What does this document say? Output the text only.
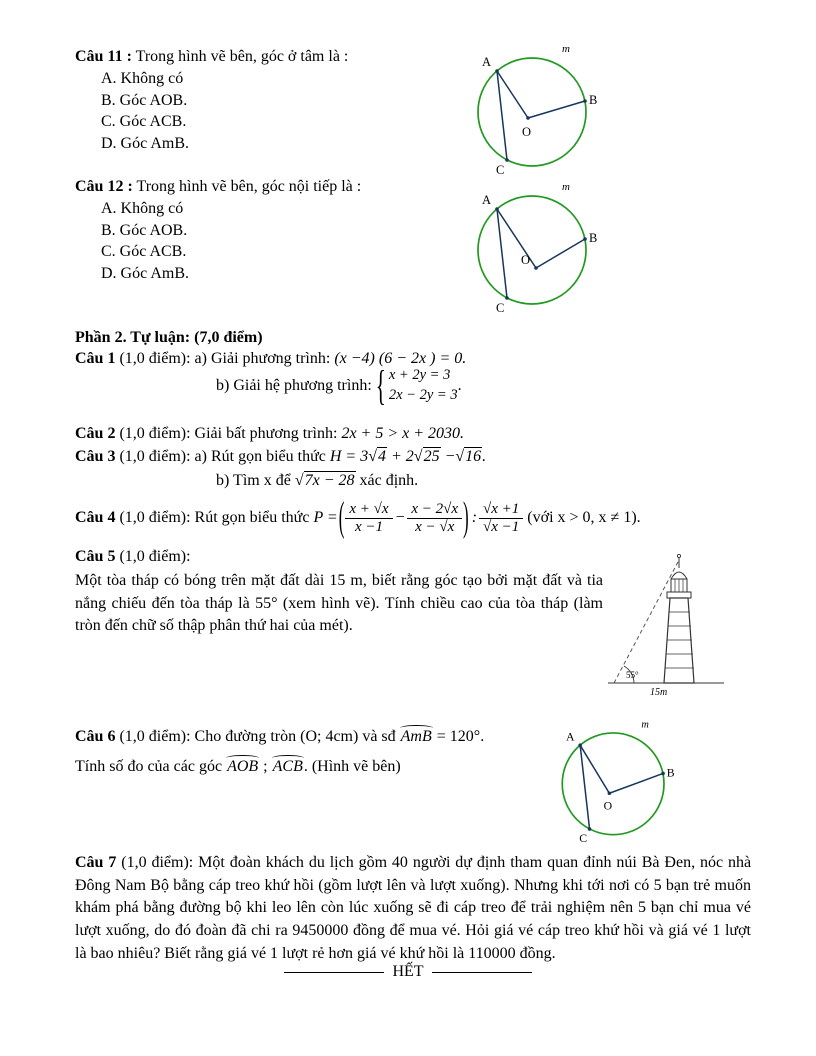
Câu 11 : Trong hình vẽ bên, góc ở tâm là :
A. Không có
B. Góc AOB.
C. Góc ACB.
D. Góc AmB.
m
A
B
C
O
Câu 12 : Trong hình vẽ bên, góc nội tiếp là :
A. Không có
B. Góc AOB.
C. Góc ACB.
D. Góc AmB.
m
A
B
C
O
Phần 2. Tự luận: (7,0 điểm)
Câu 1 (1,0 điểm): a) Giải phương trình: (x −4) (6 − 2x ) = 0.
b) Giải hệ phương trình:
{ x + 2y = 3
2x − 2y = 3
.
Câu 2 (1,0 điểm): Giải bất phương trình: 2x + 5 > x + 2030.
Câu 3 (1,0 điểm): a) Rút gọn biểu thức H = 3√4 + 2√25 −√16.
b) Tìm x để √7x − 28 xác định.
Câu 4
(1,0 điểm):
Rút gọn biểu thức
P = ( $\frac{x + √x}{x -1} - \frac{x - 2√x}{x - √x}$ ) : $\frac{√x +1}{√x -1}$
(với x > 0, x ≠ 1).
Câu 5 (1,0 điểm):
Một tòa tháp có bóng trên mặt đất dài 15 m, biết rằng góc tạo bởi mặt đất và tia nắng chiếu đến tòa tháp là 55° (xem hình vẽ). Tính chiều cao của tòa tháp (làm tròn đến chữ số thập phân thứ hai của mét).
55°
15m
Câu 6 (1,0 điểm): Cho đường tròn (O; 4cm) và sđ AmB = 120°.
Tính số đo của các góc AOB ; ACB. (Hình vẽ bên)
m
A
B
C
O
Câu 7 (1,0 điểm): Một đoàn khách du lịch gồm 40 người dự định tham quan đỉnh núi Bà Đen, nóc nhà Đông Nam Bộ bằng cáp treo khứ hồi (gồm lượt lên và lượt xuống). Nhưng khi tới nơi có 5 bạn trẻ muốn khám phá bằng đường bộ khi leo lên còn lúc xuống sẽ đi cáp treo để trải nghiệm nên 5 bạn chỉ mua vé lượt xuống, do đó đoàn đã chi ra 9450000 đồng để mua vé. Hỏi giá vé cáp treo khứ hồi và giá vé 1 lượt là bao nhiêu? Biết rằng giá vé 1 lượt rẻ hơn giá vé khứ hồi là 110000 đồng.
HẾT
